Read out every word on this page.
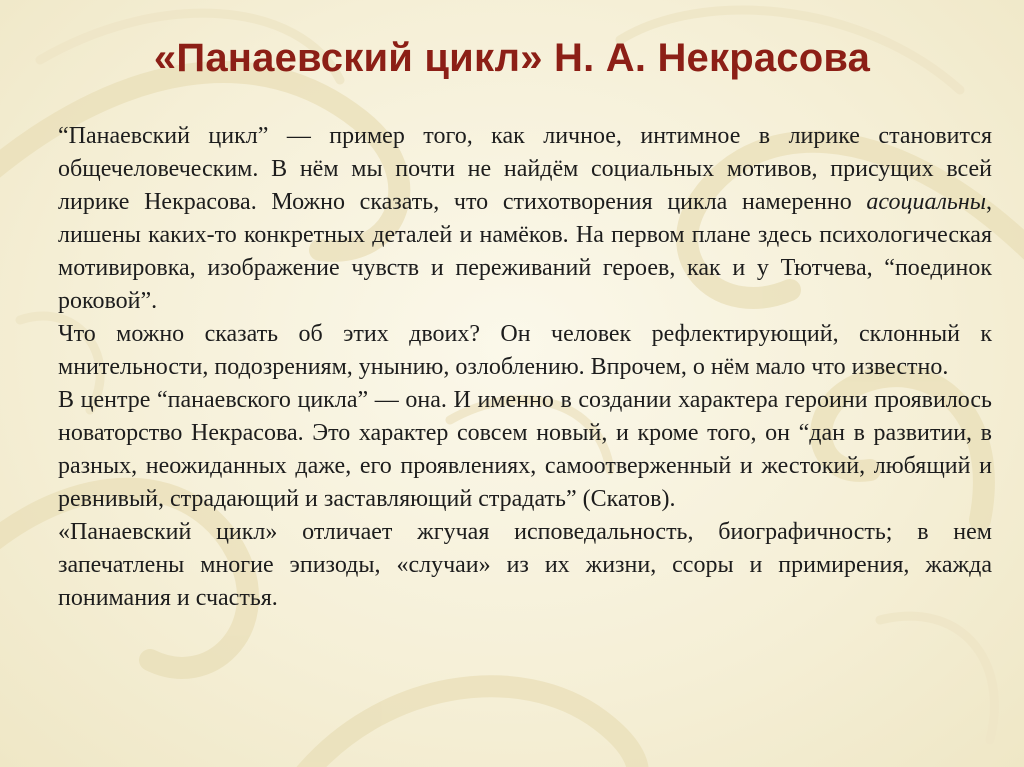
«Панаевский цикл» Н. А. Некрасова

“Панаевский цикл” — пример того, как личное, интимное в лирике становится общечеловеческим. В нём мы почти не найдём социальных мотивов, присущих всей лирике Некрасова. Можно сказать, что стихотворения цикла намеренно асоциальны, лишены каких-то конкретных деталей и намёков. На первом плане здесь психологическая мотивировка, изображение чувств и переживаний героев, как и у Тютчева, “поединок роковой”.

Что можно сказать об этих двоих? Он человек рефлектирующий, склонный к мнительности, подозрениям, унынию, озлоблению. Впрочем, о нём мало что известно.

В центре “панаевского цикла” — она. И именно в создании характера героини проявилось новаторство Некрасова. Это характер совсем новый, и кроме того, он “дан в развитии, в разных, неожиданных даже, его проявлениях, самоотверженный и жестокий, любящий и ревнивый, страдающий и заставляющий страдать” (Скатов).

«Панаевский цикл» отличает жгучая исповедальность, биографичность; в нем запечатлены многие эпизоды, «случаи» из их жизни, ссоры и примирения, жажда понимания и счастья.
